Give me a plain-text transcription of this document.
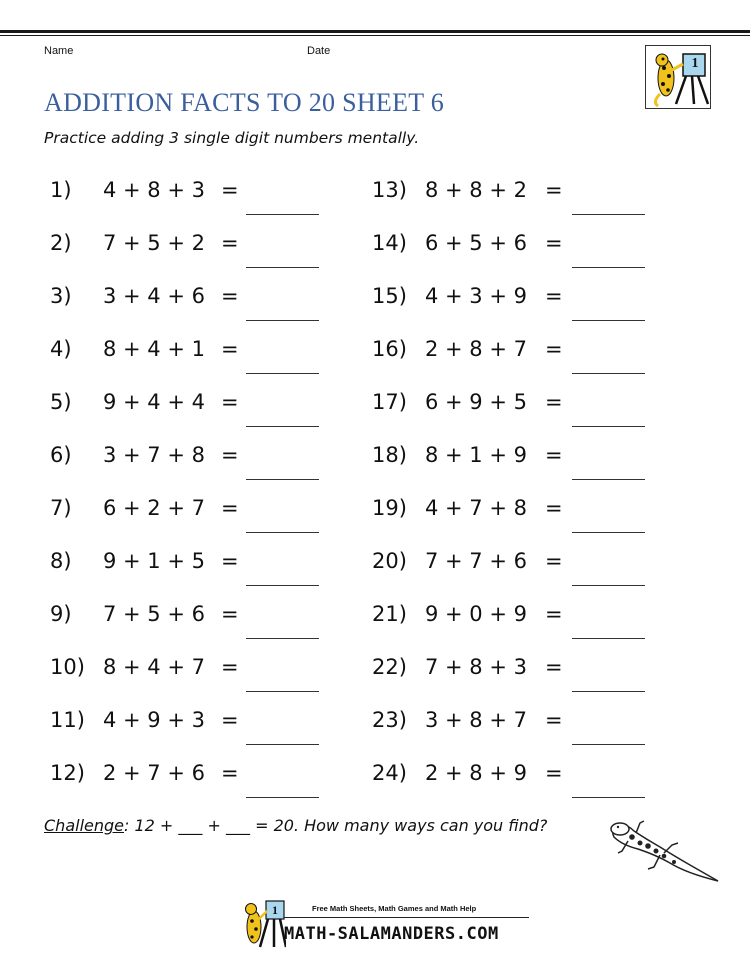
Name	Date
1
ADDITION FACTS TO 20 SHEET 6
Practice adding 3 single digit numbers mentally.
1) 4 + 8 + 3 =
2) 7 + 5 + 2 =
3) 3 + 4 + 6 =
4) 8 + 4 + 1 =
5) 9 + 4 + 4 =
6) 3 + 7 + 8 =
7) 6 + 2 + 7 =
8) 9 + 1 + 5 =
9) 7 + 5 + 6 =
10) 8 + 4 + 7 =
11) 4 + 9 + 3 =
12) 2 + 7 + 6 =
13) 8 + 8 + 2 =
14) 6 + 5 + 6 =
15) 4 + 3 + 9 =
16) 2 + 8 + 7 =
17) 6 + 9 + 5 =
18) 8 + 1 + 9 =
19) 4 + 7 + 8 =
20) 7 + 7 + 6 =
21) 9 + 0 + 9 =
22) 7 + 8 + 3 =
23) 3 + 8 + 7 =
24) 2 + 8 + 9 =
Challenge: 12 + ___ + ___ = 20. How many ways can you find?
1	Free Math Sheets, Math Games and Math Help
MATH-SALAMANDERS.COM
